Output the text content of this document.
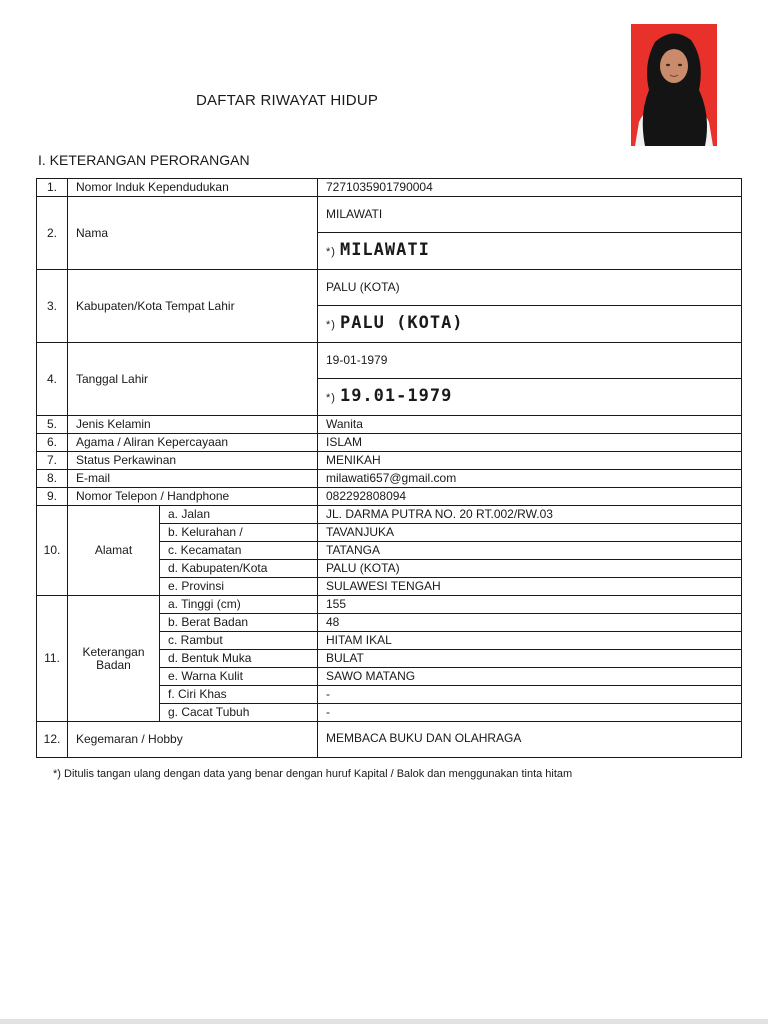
DAFTAR RIWAYAT HIDUP
I. KETERANGAN PERORANGAN
1.	Nomor Induk Kependudukan		7271035901790004
2.	Nama		MILAWATI
			*) MILAWATI
3.	Kabupaten/Kota Tempat Lahir		PALU (KOTA)
			*) PALU (KOTA)
4.	Tanggal Lahir		19-01-1979
			*) 19.01-1979
5.	Jenis Kelamin		Wanita
6.	Agama / Aliran Kepercayaan		ISLAM
7.	Status Perkawinan		MENIKAH
8.	E-mail		milawati657@gmail.com
9.	Nomor Telepon / Handphone		082292808094
10.	Alamat	a. Jalan	JL. DARMA PUTRA NO. 20 RT.002/RW.03
		b. Kelurahan /	TAVANJUKA
		c. Kecamatan	TATANGA
		d. Kabupaten/Kota	PALU (KOTA)
		e. Provinsi	SULAWESI TENGAH
11.	Keterangan
Badan	a. Tinggi (cm)	155
		b. Berat Badan	48
		c. Rambut	HITAM IKAL
		d. Bentuk Muka	BULAT
		e. Warna Kulit	SAWO MATANG
		f. Ciri Khas	-
		g. Cacat Tubuh	-
12.	Kegemaran / Hobby		MEMBACA BUKU DAN OLAHRAGA
*) Ditulis tangan ulang dengan data yang benar dengan huruf Kapital / Balok dan menggunakan tinta hitam
